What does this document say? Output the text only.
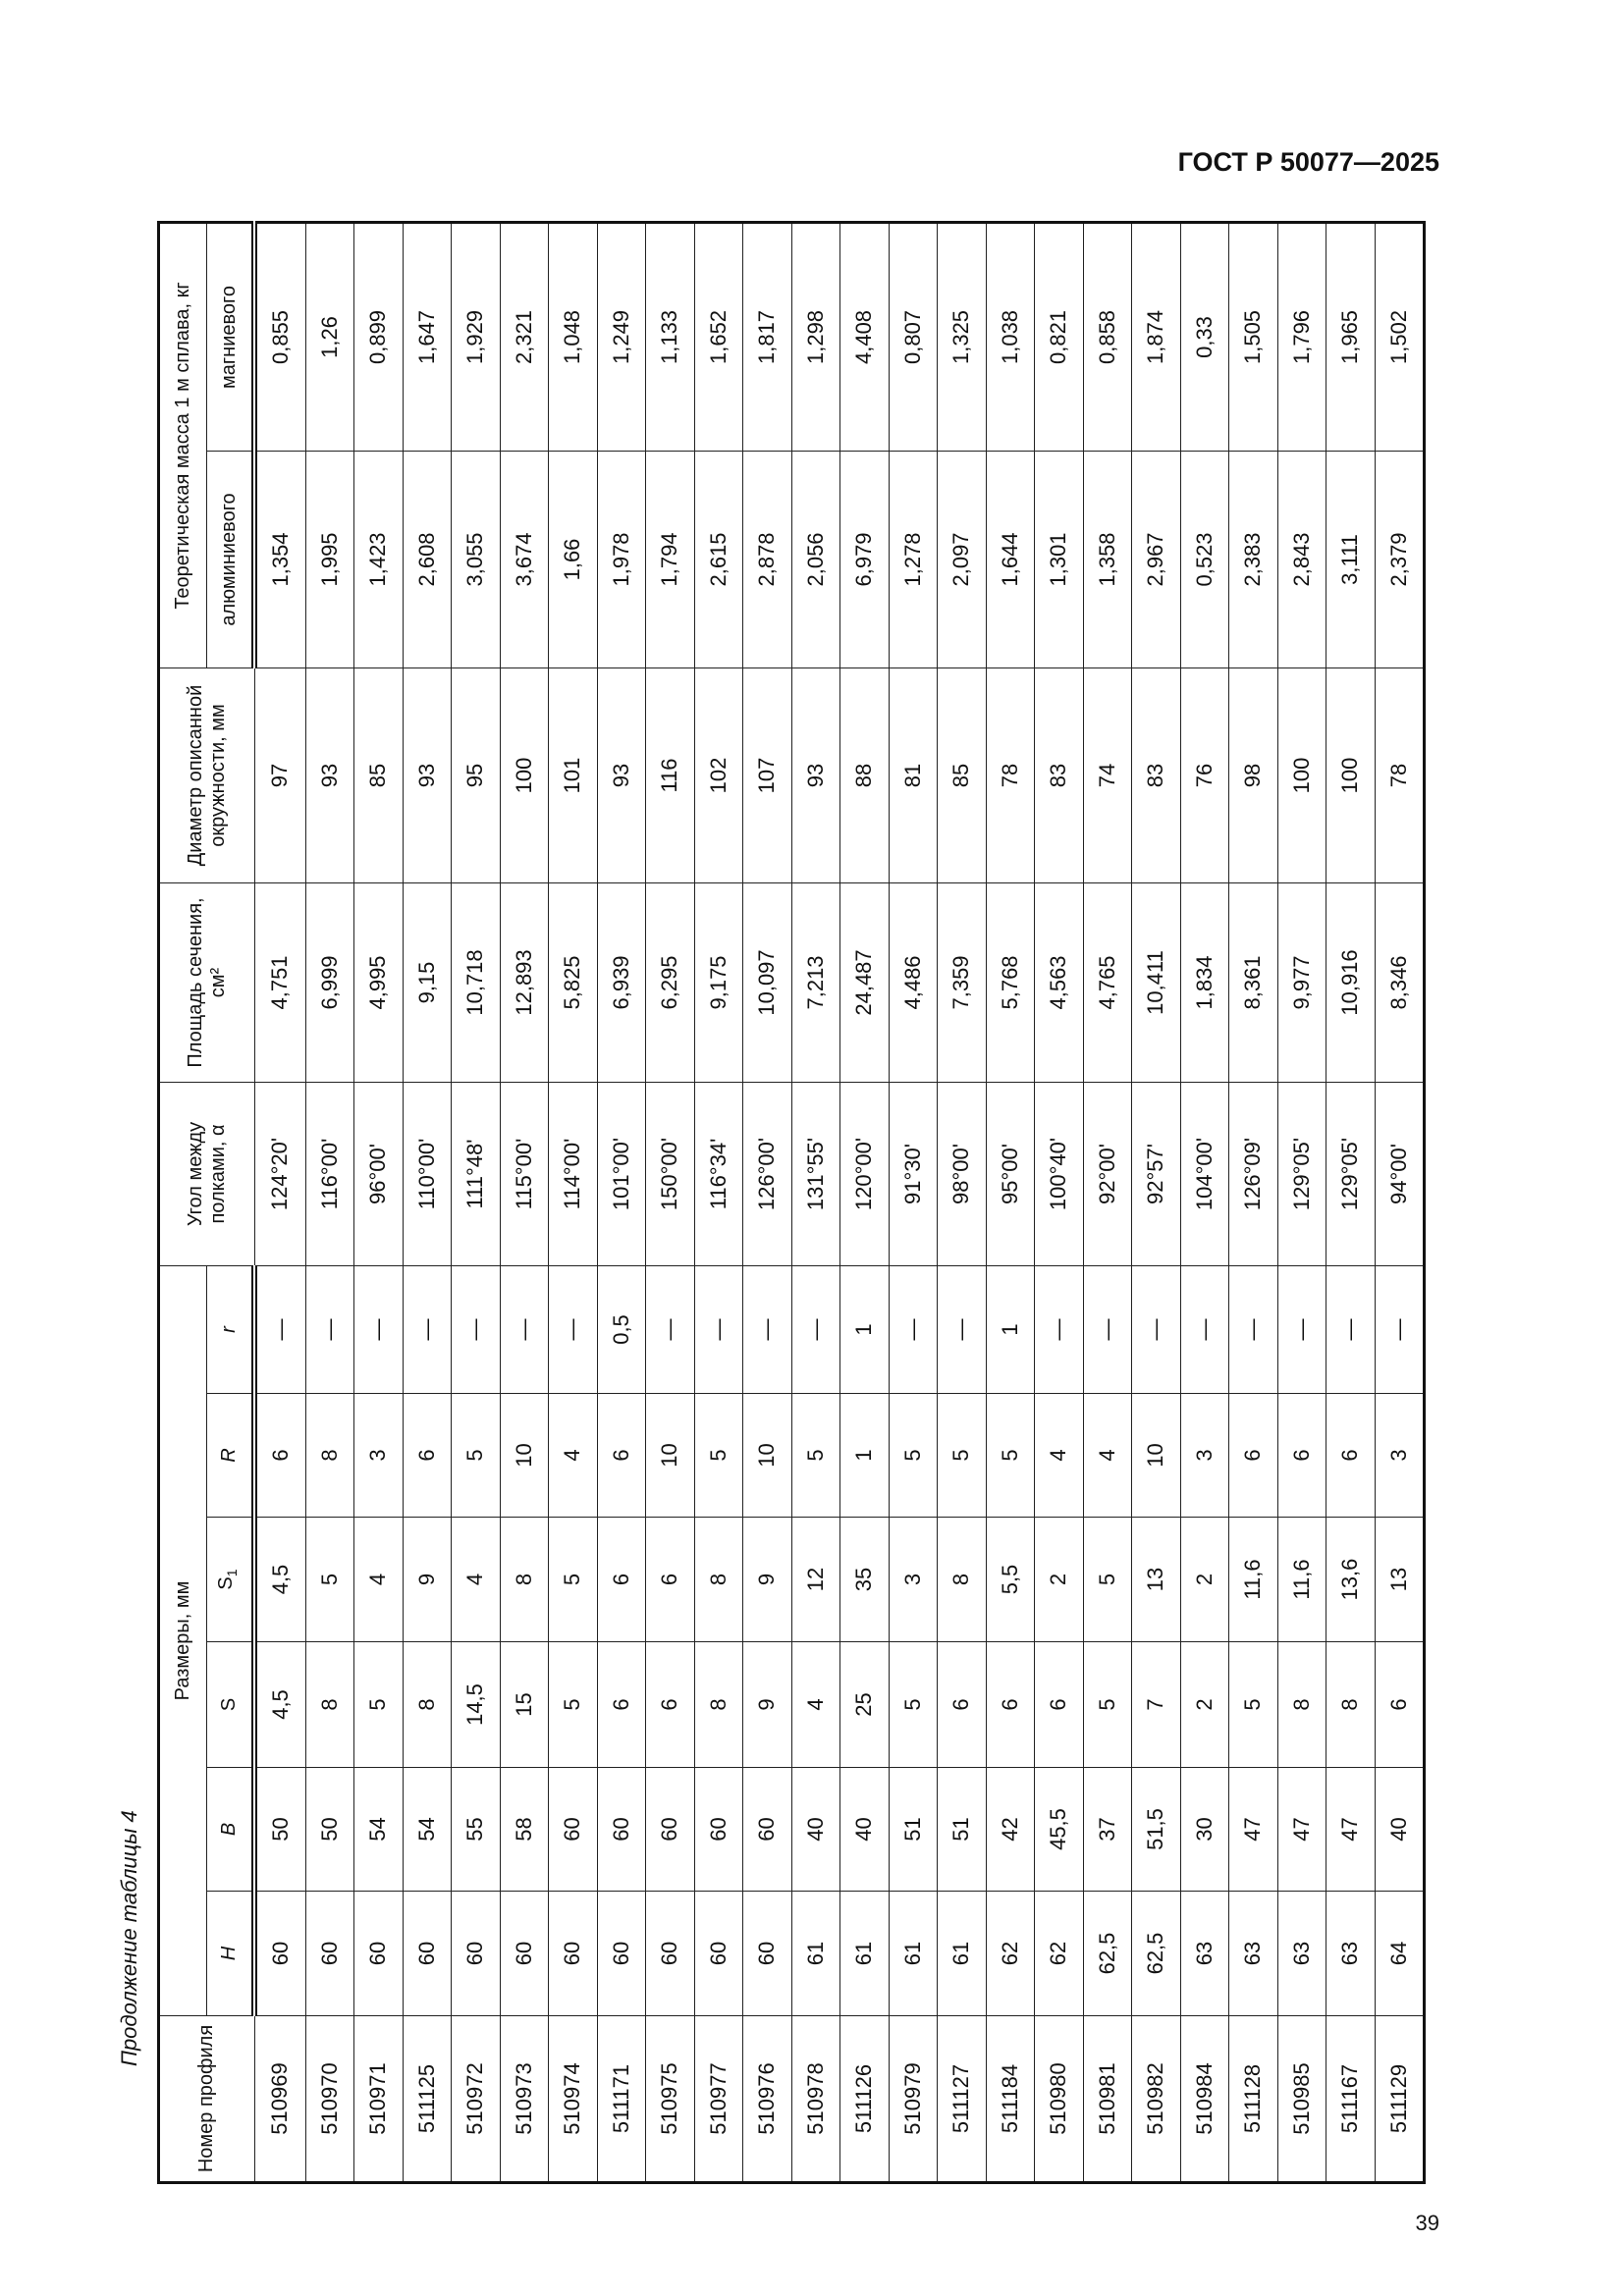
ГОСТ Р 50077—2025
Продолжение таблицы 4
Номер профиля	Размеры, мм						Угол между полками, α	Площадь сечения, см²	Диаметр описанной окружности, мм	Теоретическая масса 1 м сплава, кг	
	H	B	S	$S_1$	R	r				алюминиевого	магниевого
510969	60	50	4,5	4,5	6	—	124°20'	4,751	97	1,354	0,855
510970	60	50	8	5	8	—	116°00'	6,999	93	1,995	1,26
510971	60	54	5	4	3	—	96°00'	4,995	85	1,423	0,899
511125	60	54	8	9	6	—	110°00'	9,15	93	2,608	1,647
510972	60	55	14,5	4	5	—	111°48'	10,718	95	3,055	1,929
510973	60	58	15	8	10	—	115°00'	12,893	100	3,674	2,321
510974	60	60	5	5	4	—	114°00'	5,825	101	1,66	1,048
511171	60	60	6	6	6	0,5	101°00'	6,939	93	1,978	1,249
510975	60	60	6	6	10	—	150°00'	6,295	116	1,794	1,133
510977	60	60	8	8	5	—	116°34'	9,175	102	2,615	1,652
510976	60	60	9	9	10	—	126°00'	10,097	107	2,878	1,817
510978	61	40	4	12	5	—	131°55'	7,213	93	2,056	1,298
511126	61	40	25	35	1	1	120°00'	24,487	88	6,979	4,408
510979	61	51	5	3	5	—	91°30'	4,486	81	1,278	0,807
511127	61	51	6	8	5	—	98°00'	7,359	85	2,097	1,325
511184	62	42	6	5,5	5	1	95°00'	5,768	78	1,644	1,038
510980	62	45,5	6	2	4	—	100°40'	4,563	83	1,301	0,821
510981	62,5	37	5	5	4	—	92°00'	4,765	74	1,358	0,858
510982	62,5	51,5	7	13	10	—	92°57'	10,411	83	2,967	1,874
510984	63	30	2	2	3	—	104°00'	1,834	76	0,523	0,33
511128	63	47	5	11,6	6	—	126°09'	8,361	98	2,383	1,505
510985	63	47	8	11,6	6	—	129°05'	9,977	100	2,843	1,796
511167	63	47	8	13,6	6	—	129°05'	10,916	100	3,111	1,965
511129	64	40	6	13	3	—	94°00'	8,346	78	2,379	1,502
39
